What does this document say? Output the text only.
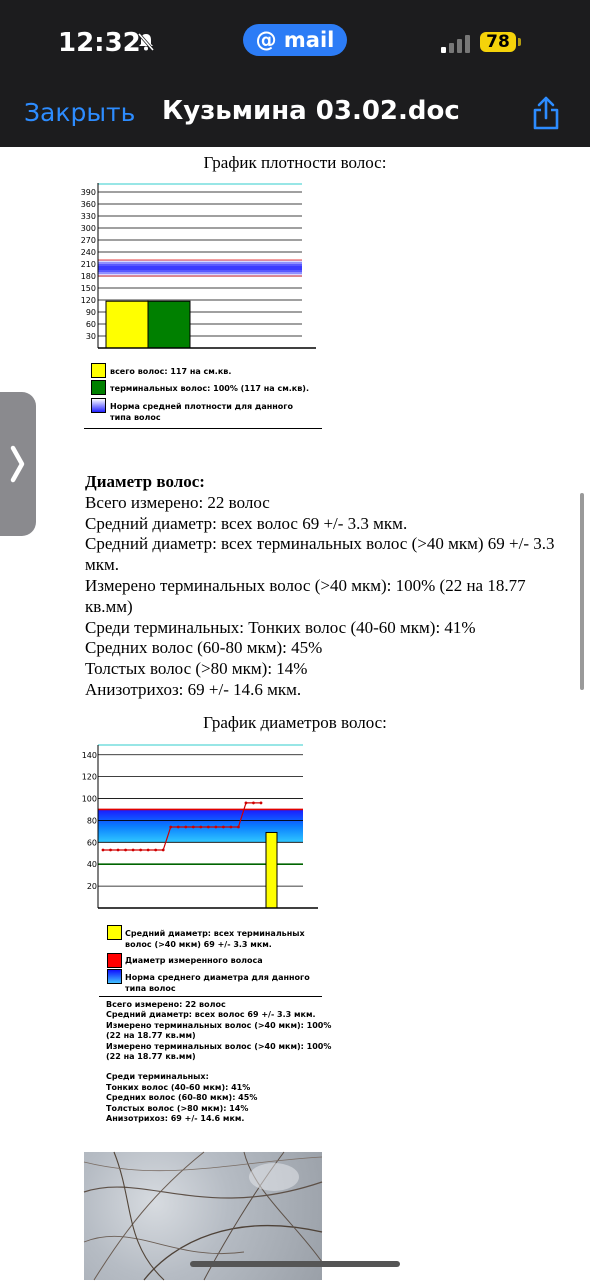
12:32	@ mail	78
Закрыть Кузьмина 03.02.doc
График плотности волос:
30
60
90
120
150
180
210
240
270
300
330
360
390
всего волос: 117 на см.кв.
терминальных волос: 100% (117 на см.кв).
Норма средней плотности для данного типа волос
Диаметр волос:
Всего измерено: 22 волос
Средний диаметр: всех волос 69 +/- 3.3 мкм.
Средний диаметр: всех терминальных волос (>40 мкм) 69 +/- 3.3 мкм.
Измерено терминальных волос (>40 мкм): 100% (22 на 18.77 кв.мм)
Среди терминальных: Тонких волос (40-60 мкм): 41%
Средних волос (60-80 мкм): 45%
Толстых волос (>80 мкм): 14%
Анизотрихоз: 69 +/- 14.6 мкм.
График диаметров волос:
20
40
60
80
100
120
140
Средний диаметр: всех терминальных волос (>40 мкм) 69 +/- 3.3 мкм.
Диаметр измеренного волоса
Норма среднего диаметра для данного типа волос
Всего измерено: 22 волос
Средний диаметр: всех волос 69 +/- 3.3 мкм.
Измерено терминальных волос (>40 мкм): 100%
(22 на 18.77 кв.мм)
Измерено терминальных волос (>40 мкм): 100%
(22 на 18.77 кв.мм)
Среди терминальных:
Тонких волос (40-60 мкм): 41%
Средних волос (60-80 мкм): 45%
Толстых волос (>80 мкм): 14%
Анизотрихоз: 69 +/- 14.6 мкм.
